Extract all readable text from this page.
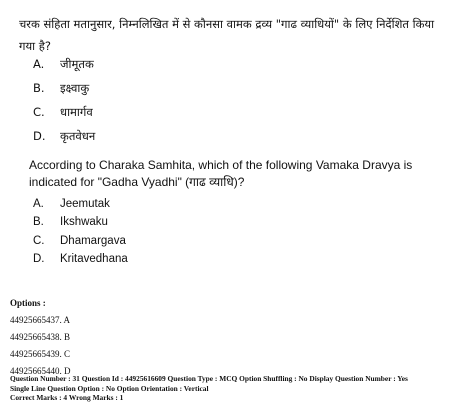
चरक संहिता मतानुसार, निम्नलिखित में से कौनसा वामक द्रव्य "गाढ व्याधियों" के लिए निर्देशित किया गया है?
A. जीमूतक
B. इक्ष्वाकु
C. धामार्गव
D. कृतवेधन
According to Charaka Samhita, which of the following Vamaka Dravya is indicated for "Gadha Vyadhi" (गाढ व्याधि)?
A. Jeemutak
B. Ikshwaku
C. Dhamargava
D. Kritavedhana
Options :
44925665437. A
44925665438. B
44925665439. C
44925665440. D
Question Number : 31 Question Id : 44925616609 Question Type : MCQ Option Shuffling : No Display Question Number : Yes
Single Line Question Option : No Option Orientation : Vertical
Correct Marks : 4 Wrong Marks : 1
